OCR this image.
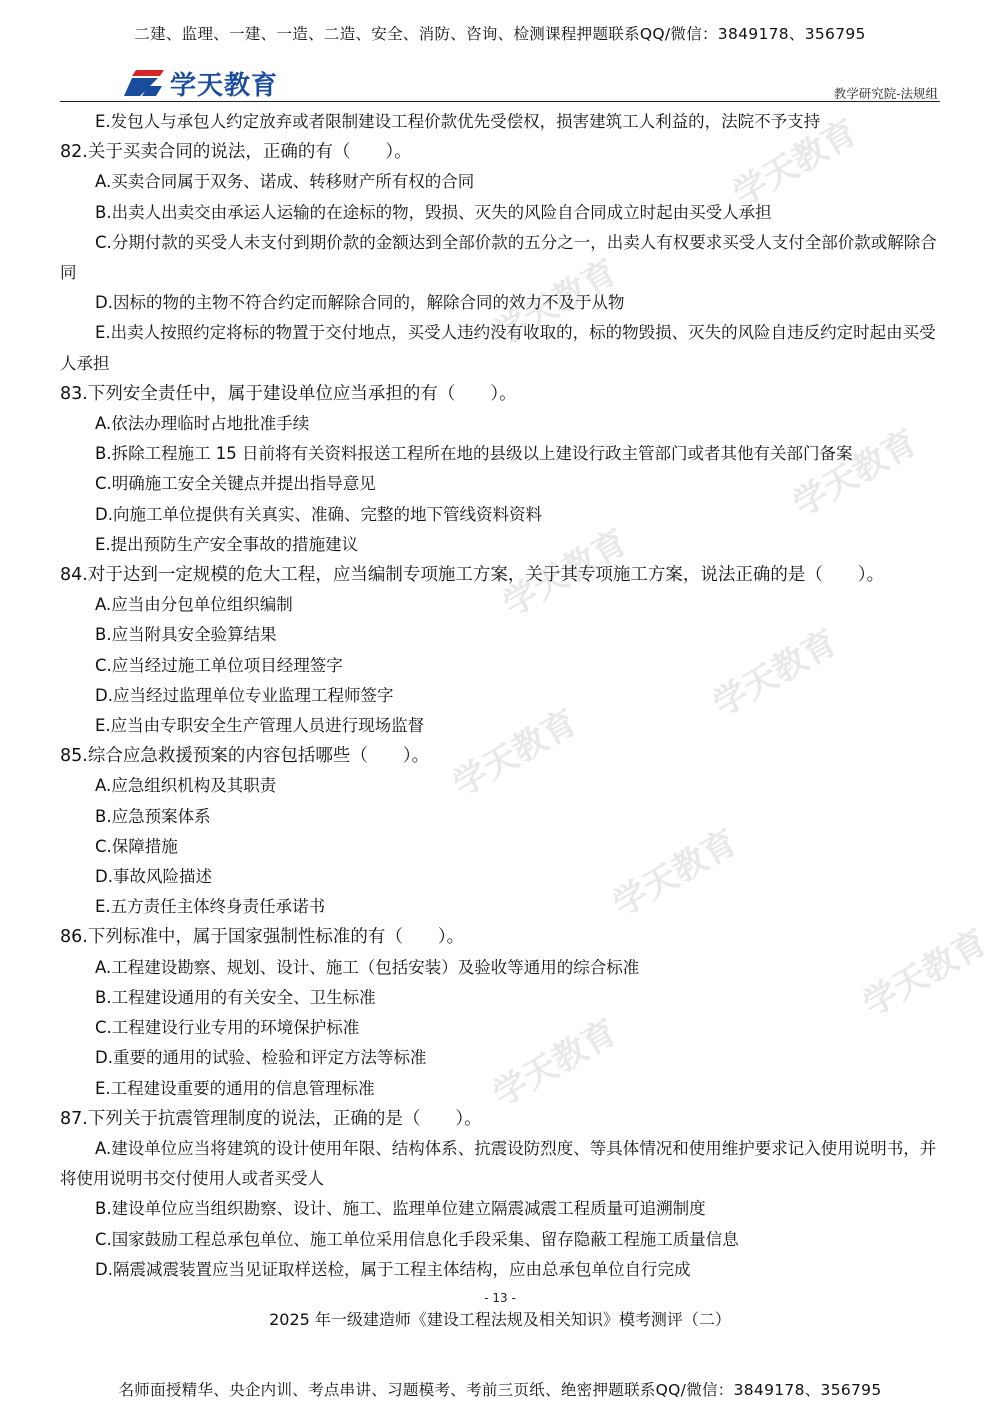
二建、监理、一建、一造、二造、安全、消防、咨询、检测课程押题联系QQ/微信：3849178、356795
学天教育	教学研究院-法规组
学天教育
学天教育
学天教育
学天教育
学天教育
学天教育
学天教育
学天教育
学天教育
E.发包人与承包人约定放弃或者限制建设工程价款优先受偿权，损害建筑工人利益的，法院不予支持
82.关于买卖合同的说法，正确的有（　　）。
A.买卖合同属于双务、诺成、转移财产所有权的合同
B.出卖人出卖交由承运人运输的在途标的物，毁损、灭失的风险自合同成立时起由买受人承担
C.分期付款的买受人未支付到期价款的金额达到全部价款的五分之一，出卖人有权要求买受人支付全部价款或解除合同
D.因标的物的主物不符合约定而解除合同的，解除合同的效力不及于从物
E.出卖人按照约定将标的物置于交付地点，买受人违约没有收取的，标的物毁损、灭失的风险自违反约定时起由买受人承担
83.下列安全责任中，属于建设单位应当承担的有（　　）。
A.依法办理临时占地批准手续
B.拆除工程施工 15 日前将有关资料报送工程所在地的县级以上建设行政主管部门或者其他有关部门备案
C.明确施工安全关键点并提出指导意见
D.向施工单位提供有关真实、准确、完整的地下管线资料资料
E.提出预防生产安全事故的措施建议
84.对于达到一定规模的危大工程，应当编制专项施工方案，关于其专项施工方案，说法正确的是（　　）。
A.应当由分包单位组织编制
B.应当附具安全验算结果
C.应当经过施工单位项目经理签字
D.应当经过监理单位专业监理工程师签字
E.应当由专职安全生产管理人员进行现场监督
85.综合应急救援预案的内容包括哪些（　　）。
A.应急组织机构及其职责
B.应急预案体系
C.保障措施
D.事故风险描述
E.五方责任主体终身责任承诺书
86.下列标准中，属于国家强制性标准的有（　　）。
A.工程建设勘察、规划、设计、施工（包括安装）及验收等通用的综合标准
B.工程建设通用的有关安全、卫生标准
C.工程建设行业专用的环境保护标准
D.重要的通用的试验、检验和评定方法等标准
E.工程建设重要的通用的信息管理标准
87.下列关于抗震管理制度的说法，正确的是（　　）。
A.建设单位应当将建筑的设计使用年限、结构体系、抗震设防烈度、等具体情况和使用维护要求记入使用说明书，并将使用说明书交付使用人或者买受人
B.建设单位应当组织勘察、设计、施工、监理单位建立隔震减震工程质量可追溯制度
C.国家鼓励工程总承包单位、施工单位采用信息化手段采集、留存隐蔽工程施工质量信息
D.隔震减震装置应当见证取样送检，属于工程主体结构，应由总承包单位自行完成
- 13 -
2025 年一级建造师《建设工程法规及相关知识》模考测评（二）
名师面授精华、央企内训、考点串讲、习题模考、考前三页纸、绝密押题联系QQ/微信：3849178、356795
